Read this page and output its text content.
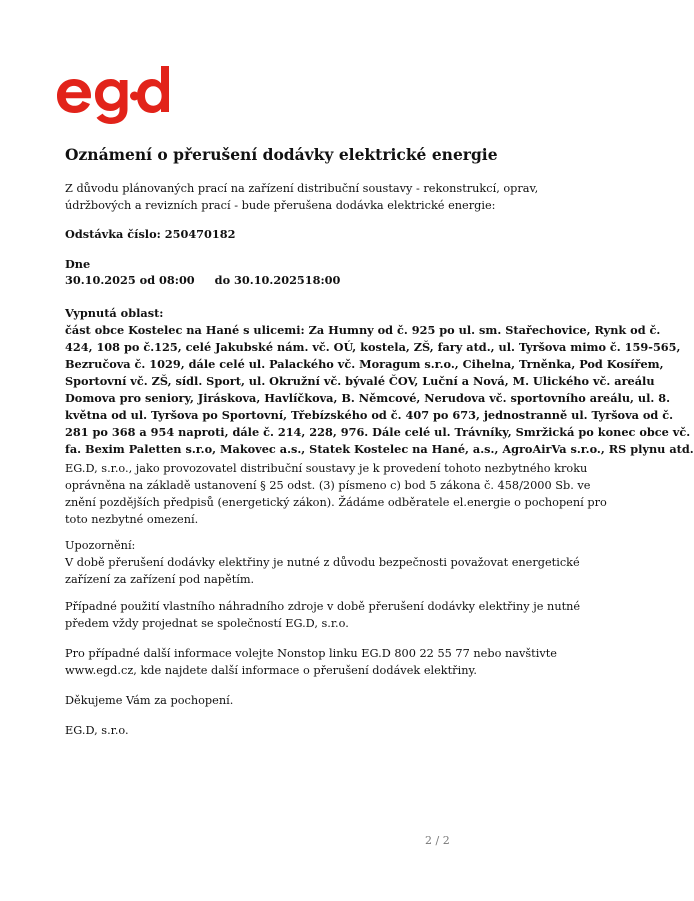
Oznámení o přerušení dodávky elektrické energie
Z důvodu plánovaných prací na zařízení distribuční soustavy - rekonstrukcí, oprav,
údržbových a revizních prací - bude přerušena dodávka elektrické energie:
Odstávka číslo: 250470182
Dne
30.10.2025 od 08:00 do 30.10.202518:00
Vypnutá oblast:
část obce Kostelec na Hané s ulicemi: Za Humny od č. 925 po ul. sm. Stařechovice, Rynk od č.
424, 108 po č.125, celé Jakubské nám. vč. OÚ, kostela, ZŠ, fary atd., ul. Tyršova mimo č. 159-565,
Bezručova č. 1029, dále celé ul. Palackého vč. Moragum s.r.o., Cihelna, Trněnka, Pod Kosířem,
Sportovní vč. ZŠ, sídl. Sport, ul. Okružní vč. bývalé ČOV, Luční a Nová, M. Ulického vč. areálu
Domova pro seniory, Jiráskova, Havlíčkova, B. Němcové, Nerudova vč. sportovního areálu, ul. 8.
května od ul. Tyršova po Sportovní, Třebízského od č. 407 po 673, jednostranně ul. Tyršova od č.
281 po 368 a 954 naproti, dále č. 214, 228, 976. Dále celé ul. Trávníky, Smržická po konec obce vč.
fa. Bexim Paletten s.r.o, Makovec a.s., Statek Kostelec na Hané, a.s., AgroAirVa s.r.o., RS plynu atd.
EG.D, s.r.o., jako provozovatel distribuční soustavy je k provedení tohoto nezbytného kroku
oprávněna na základě ustanovení § 25 odst. (3) písmeno c) bod 5 zákona č. 458/2000 Sb. ve
znění pozdějších předpisů (energetický zákon). Žádáme odběratele el.energie o pochopení pro
toto nezbytné omezení.
Upozornění:
V době přerušení dodávky elektřiny je nutné z důvodu bezpečnosti považovat energetické
zařízení za zařízení pod napětím.
Případné použití vlastního náhradního zdroje v době přerušení dodávky elektřiny je nutné
předem vždy projednat se společností EG.D, s.r.o.
Pro případné další informace volejte Nonstop linku EG.D 800 22 55 77 nebo navštivte
www.egd.cz, kde najdete další informace o přerušení dodávek elektřiny.
Děkujeme Vám za pochopení.
EG.D, s.r.o.
2 / 2
